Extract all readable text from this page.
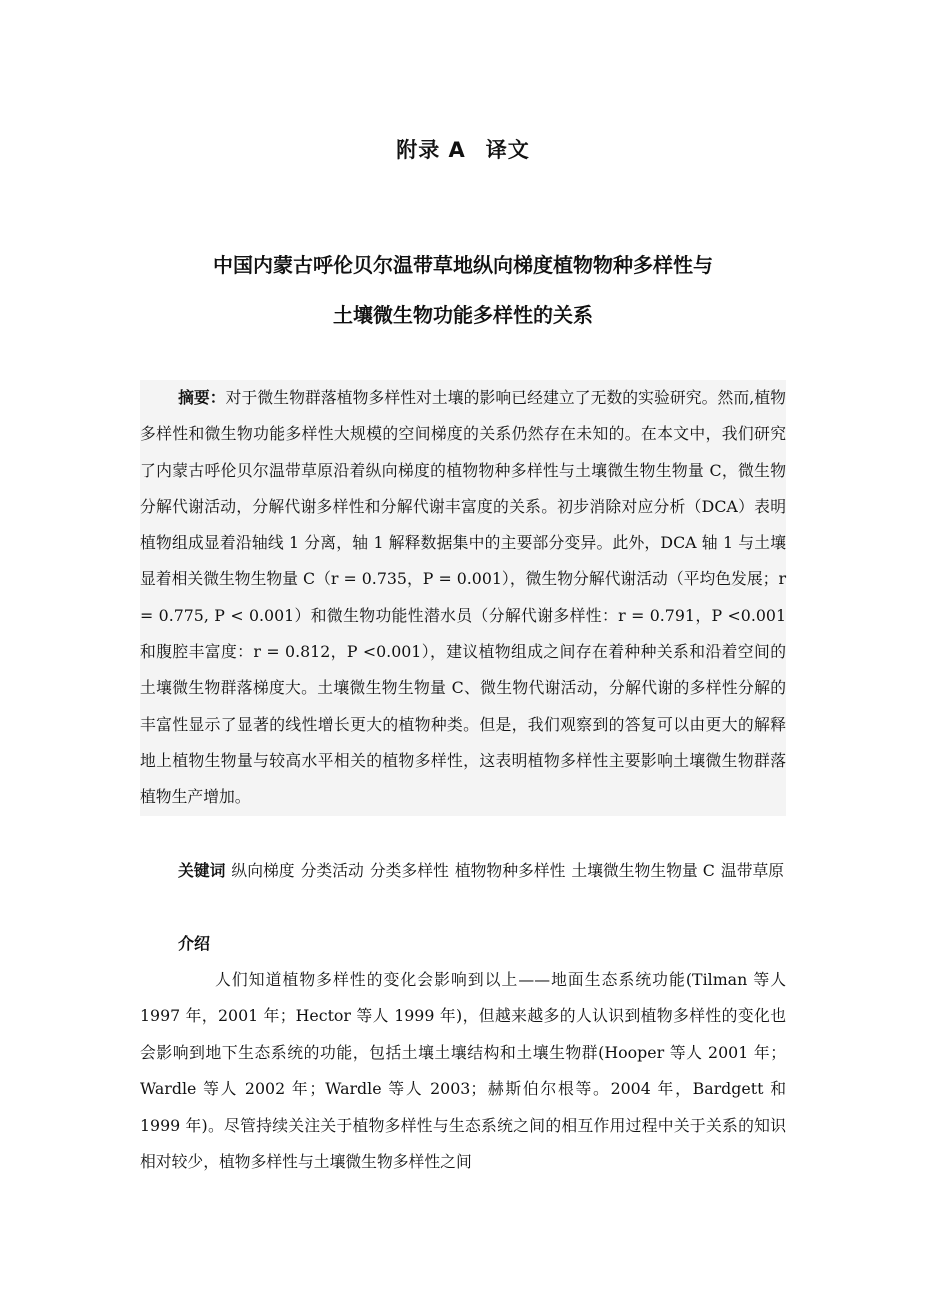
附录 A 译文
中国内蒙古呼伦贝尔温带草地纵向梯度植物物种多样性与
土壤微生物功能多样性的关系

摘要：对于微生物群落植物多样性对土壤的影响已经建立了无数的实验研究。然而,植物多样性和微生物功能多样性大规模的空间梯度的关系仍然存在未知的。在本文中，我们研究了内蒙古呼伦贝尔温带草原沿着纵向梯度的植物物种多样性与土壤微生物生物量 C，微生物分解代谢活动，分解代谢多样性和分解代谢丰富度的关系。初步消除对应分析（DCA）表明植物组成显着沿轴线 1 分离，轴 1 解释数据集中的主要部分变异。此外，DCA 轴 1 与土壤显着相关微生物生物量 C（r = 0.735，P = 0.001），微生物分解代谢活动（平均色发展；r = 0.775, P < 0.001）和微生物功能性潜水员（分解代谢多样性：r = 0.791，P <0.001 和腹腔丰富度：r = 0.812，P <0.001），建议植物组成之间存在着种种关系和沿着空间的土壤微生物群落梯度大。土壤微生物生物量 C、微生物代谢活动，分解代谢的多样性分解的丰富性显示了显著的线性增长更大的植物种类。但是，我们观察到的答复可以由更大的解释地上植物生物量与较高水平相关的植物多样性，这表明植物多样性主要影响土壤微生物群落植物生产增加。

关键词 纵向梯度 分类活动 分类多样性 植物物种多样性 土壤微生物生物量 C 温带草原

介绍

人们知道植物多样性的变化会影响到以上——地面生态系统功能(Tilman 等人 1997 年，2001 年；Hector 等人 1999 年)，但越来越多的人认识到植物多样性的变化也会影响到地下生态系统的功能，包括土壤土壤结构和土壤生物群(Hooper 等人 2001 年；Wardle 等人 2002 年；Wardle 等人 2003；赫斯伯尔根等。2004 年，Bardgett 和 1999 年)。尽管持续关注关于植物多样性与生态系统之间的相互作用过程中关于关系的知识相对较少，植物多样性与土壤微生物多样性之间
